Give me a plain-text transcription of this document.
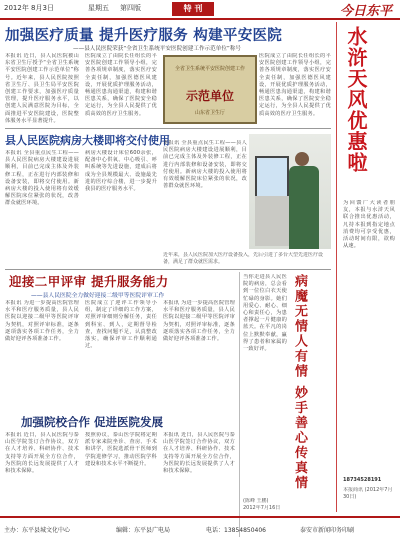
2012年 8月3日	星期五 第四版	特 刊	今日东平
加强医疗质量 提升医疗服务 构建平安医院
——县人民医院荣获“全省卫生系统平安医院创建工作示范单位”称号
本报讯 近日，县人民医院被山东省卫生厅授予“全省卫生系统平安医院创建工作示范单位”称号。近年来，县人民医院按照省卫生厅、县卫生局平安医院创建工作要求，加强医疗质量管理，提升医疗服务水平，以创建人民满意医院为目标，全面推进平安医院建设，医院整体服务水平显著提升。
医院成立了由院长任组长的平安医院创建工作领导小组，完善各项规章制度，落实医疗安全责任制，加强医德医风建设，开展优质护理服务活动，畅通医患沟通渠道，构建和谐医患关系，确保了医院安全稳定运行，为全县人民提供了优质高效的医疗卫生服务。
全省卫生系统平安医院创建工作
示范单位
山东省卫生厅
医院成立了由院长任组长的平安医院创建工作领导小组，完善各项规章制度，落实医疗安全责任制，加强医德医风建设，开展优质护理服务活动，畅通医患沟通渠道，构建和谐医患关系，确保了医院安全稳定运行，为全县人民提供了优质高效的医疗卫生服务。
县人民医院病房大楼即将交付使用
本报讯 全县重点民生工程——县人民医院病房大楼建设进展顺利，目前已完成主体及外装修工程，正在进行内部装修和设备安装，即将交付使用。新病房大楼的投入使用将有效缓解医院床位紧张的状况，改善群众就医环境。
病房大楼设计床位600余张，配备中心供氧、中心吸引、呼叫系统等先进设施，建成后将成为全县规模最大、设施最先进的医疗综合楼，进一步提升我县的医疗服务水平。
本报讯 全县重点民生工程——县人民医院病房大楼建设进展顺利，目前已完成主体及外装修工程，正在进行内部装修和设备安装，即将交付使用。新病房大楼的投入使用将有效缓解医院床位紧张的状况，改善群众就医环境。
近年来，县人民医院加大医疗设备投入，先后引进了多台大型先进医疗设备，满足了群众就医需求。
迎接二甲评审 提升服务能力
——县人民医院全力做好迎接二级甲等医院评审工作
本报讯 为进一步提高医院管理水平和医疗服务质量，县人民医院以迎接二级甲等医院评审为契机，对照评审标准，逐条逐项落实各项工作任务，全力做好迎评各项准备工作。
医院成立了迎评工作领导小组，制定了详细的工作方案，对照评审细则分解任务，责任到科室、到人，定期督导检查，查找问题不足，认真整改落实，确保评审工作顺利通过。
本报讯 为进一步提高医院管理水平和医疗服务质量，县人民医院以迎接二级甲等医院评审为契机，对照评审标准，逐条逐项落实各项工作任务，全力做好迎评各项准备工作。
加强院校合作 促进医院发展
本报讯 近日，县人民医院与泰山医学院签订合作协议，双方在人才培养、科研协作、技术支持等方面开展全方位合作，为医院的长远发展提供了人才和技术保障。
按照协议，泰山医学院将定期派专家来院坐诊、查房、手术和讲学，医院选派骨干医师到学院进修学习，推动医院学科建设和技术水平不断提升。
本报讯 近日，县人民医院与泰山医学院签订合作协议，双方在人才培养、科研协作、技术支持等方面开展全方位合作，为医院的长远发展提供了人才和技术保障。
当你走进县人民医院的病房，总会看到一位位白衣天使忙碌的身影。她们用爱心、耐心、细心和责任心，为患者撑起一片健康的蓝天。在平凡的岗位上默默奉献，赢得了患者和家属的一致好评。	病魔无情人有情 妙手善心传真情
(陈峰 王鹏)
2012年7月16日
水浒天风优惠啦
为回馈广大读者朋友，本报与水浒天风联合推出优惠活动，凡持本报到指定地点消费均可享受优惠，活动时间有限，欲购从速。
18734528191
本报商讯 (2012年7月30日)
主办：东平县城文化中心	编辑：东平县广电局	电话：13854850406	泰安市新闻印务印刷
